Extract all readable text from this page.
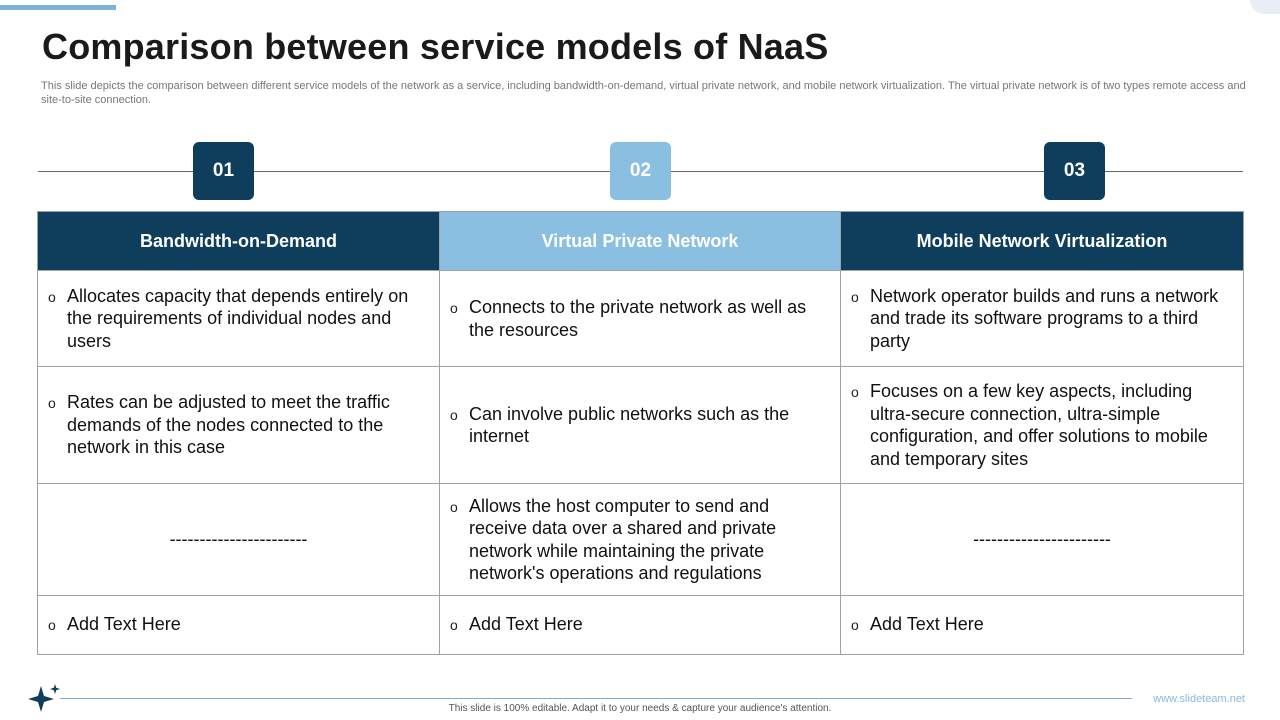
Comparison between service models of NaaS

This slide depicts the comparison between different service models of the network as a service, including bandwidth-on-demand, virtual private network, and mobile network virtualization. The virtual private network is of two types remote access and site-to-site connection.

01	02	03
Bandwidth-on-Demand	Virtual Private Network	Mobile Network Virtualization

o Allocates capacity that depends entirely on the requirements of individual nodes and users	o Connects to the private network as well as the resources	o Network operator builds and runs a network and trade its software programs to a third party

o Rates can be adjusted to meet the traffic demands of the nodes connected to the network in this case	o Can involve public networks such as the internet	o Focuses on a few key aspects, including ultra-secure connection, ultra-simple configuration, and offer solutions to mobile and temporary sites

-----------------------	o Allows the host computer to send and receive data over a shared and private network while maintaining the private network's operations and regulations	-----------------------

o Add Text Here	o Add Text Here	o Add Text Here
www.slideteam.net
This slide is 100% editable. Adapt it to your needs & capture your audience's attention.
